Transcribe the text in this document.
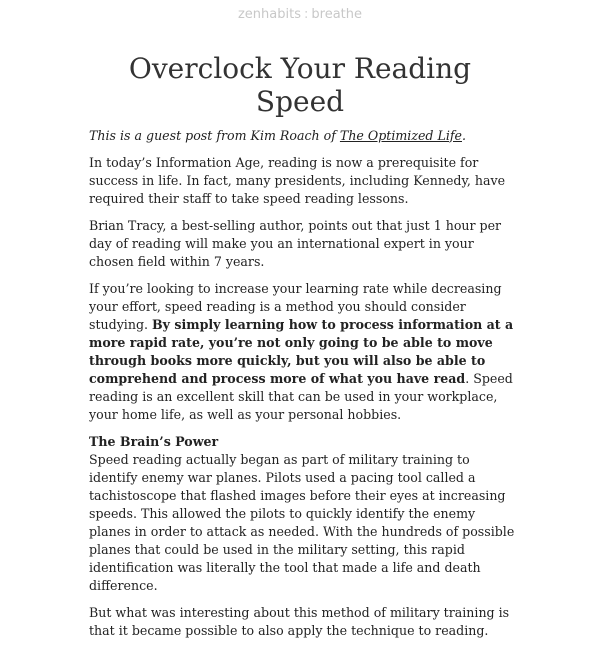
zenhabits : breathe
Overclock Your Reading Speed

This is a guest post from Kim Roach of The Optimized Life.

In today’s Information Age, reading is now a prerequisite for success in life. In fact, many presidents, including Kennedy, have required their staff to take speed reading lessons.

Brian Tracy, a best-selling author, points out that just 1 hour per day of reading will make you an international expert in your chosen field within 7 years.

If you’re looking to increase your learning rate while decreasing your effort, speed reading is a method you should consider studying. By simply learning how to process information at a more rapid rate, you’re not only going to be able to move through books more quickly, but you will also be able to comprehend and process more of what you have read. Speed reading is an excellent skill that can be used in your workplace, your home life, as well as your personal hobbies.

The Brain’s Power
Speed reading actually began as part of military training to identify enemy war planes. Pilots used a pacing tool called a tachistoscope that flashed images before their eyes at increasing speeds. This allowed the pilots to quickly identify the enemy planes in order to attack as needed. With the hundreds of possible planes that could be used in the military setting, this rapid identification was literally the tool that made a life and death difference.

But what was interesting about this method of military training is that it became possible to also apply the technique to reading.
